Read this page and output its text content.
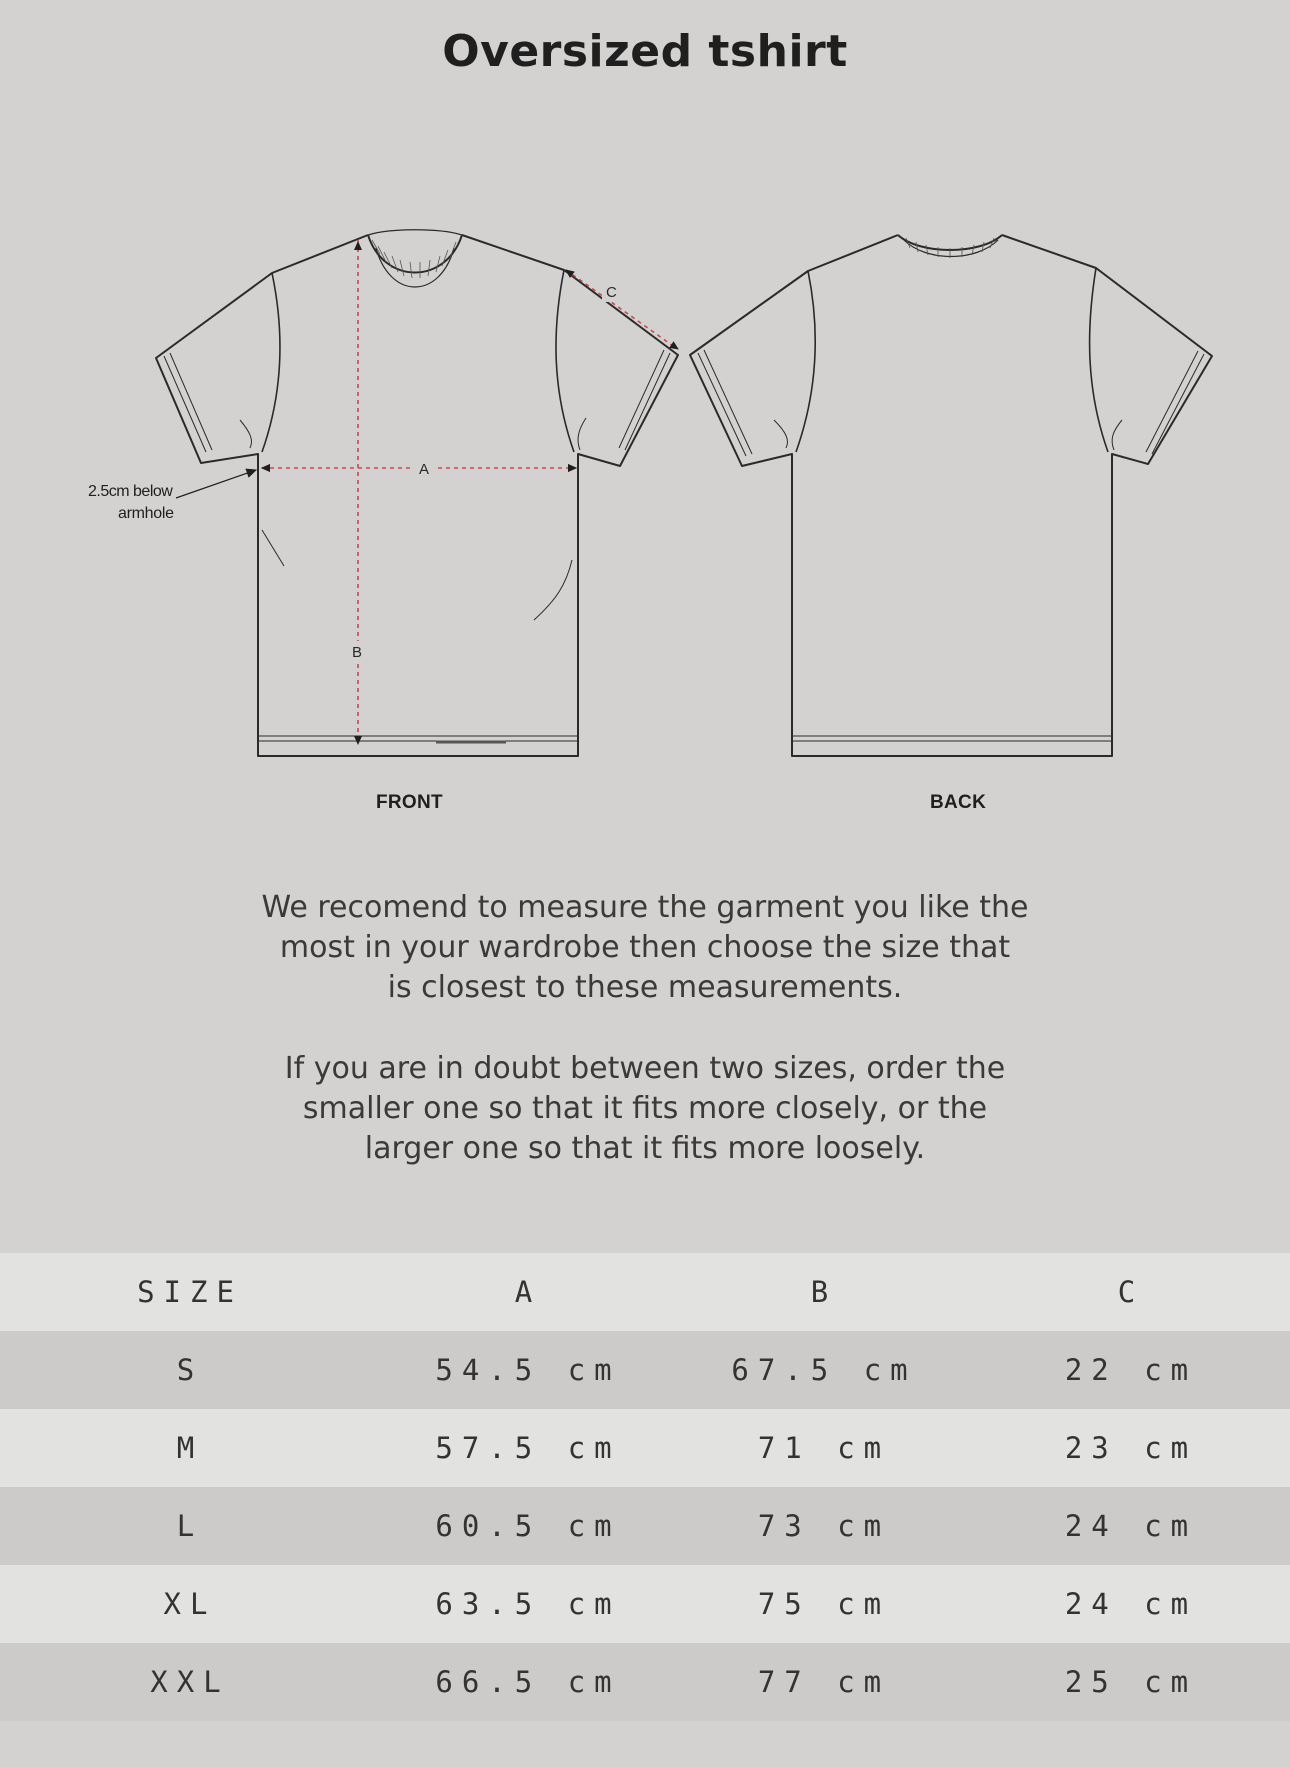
Oversized tshirt
A
B
C
2.5cm below
armhole
FRONT	BACK

We recomend to measure the garment you like the

most in your wardrobe then choose the size that

is closest to these measurements.

If you are in doubt between two sizes, order the

smaller one so that it fits more closely, or the

larger one so that it fits more loosely.

SIZE	A	B	C
S	54.5 cm	67.5 cm	22 cm
M	57.5 cm	71 cm	23 cm
L	60.5 cm	73 cm	24 cm
XL	63.5 cm	75 cm	24 cm
XXL	66.5 cm	77 cm	25 cm
